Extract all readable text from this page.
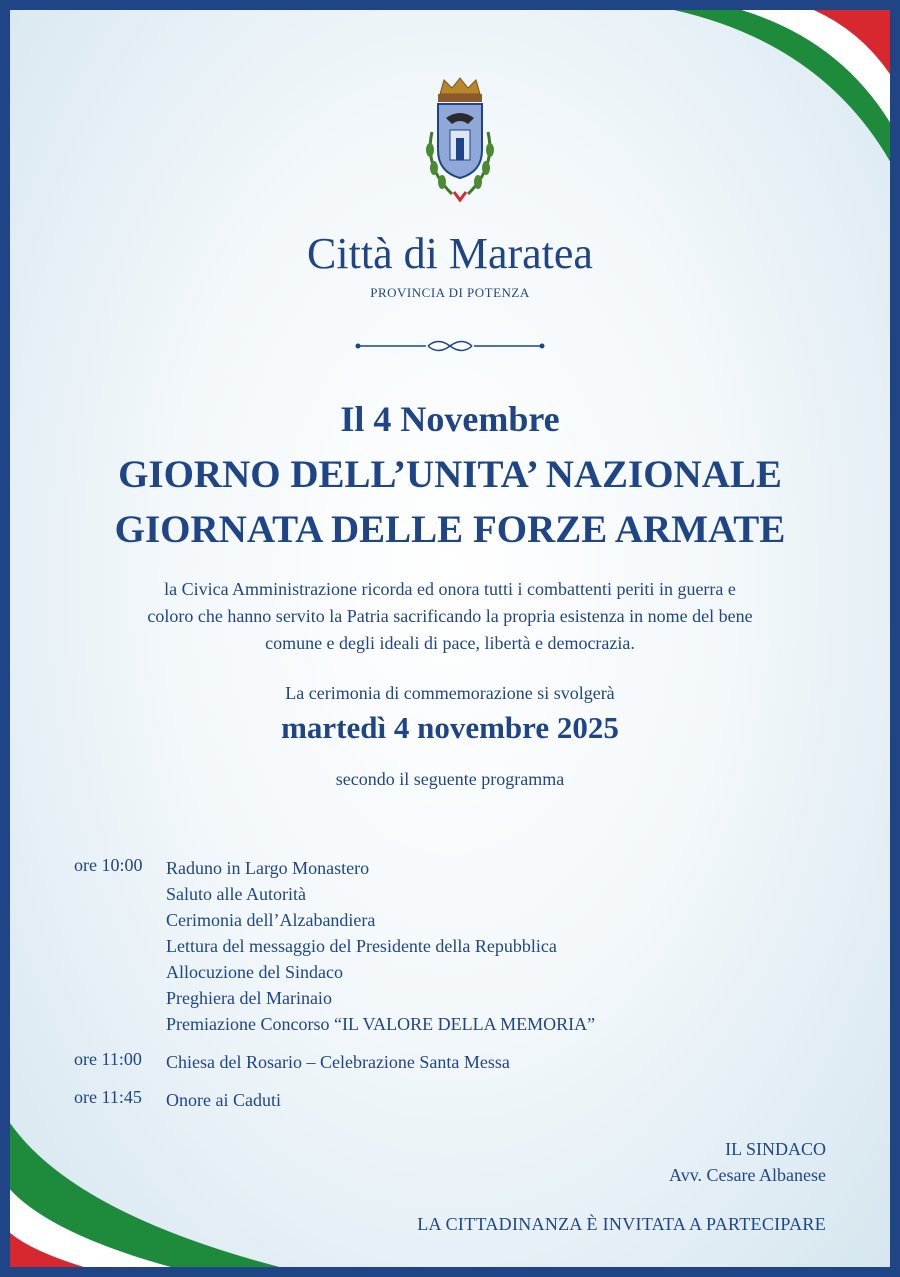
Città di Maratea
PROVINCIA DI POTENZA
Il 4 Novembre
GIORNO DELL’UNITA’ NAZIONALE
GIORNATA DELLE FORZE ARMATE
la Civica Amministrazione ricorda ed onora tutti i combattenti periti in guerra e
coloro che hanno servito la Patria sacrificando la propria esistenza in nome del bene
comune e degli ideali di pace, libertà e democrazia.
La cerimonia di commemorazione si svolgerà
martedì 4 novembre 2025
secondo il seguente programma
ore 10:00	Raduno in Largo Monastero
Saluto alle Autorità
Cerimonia dell’Alzabandiera
Lettura del messaggio del Presidente della Repubblica
Allocuzione del Sindaco
Preghiera del Marinaio
Premiazione Concorso “IL VALORE DELLA MEMORIA”
ore 11:00	Chiesa del Rosario – Celebrazione Santa Messa
ore 11:45	Onore ai Caduti
IL SINDACO
Avv. Cesare Albanese
LA CITTADINANZA È INVITATA A PARTECIPARE
